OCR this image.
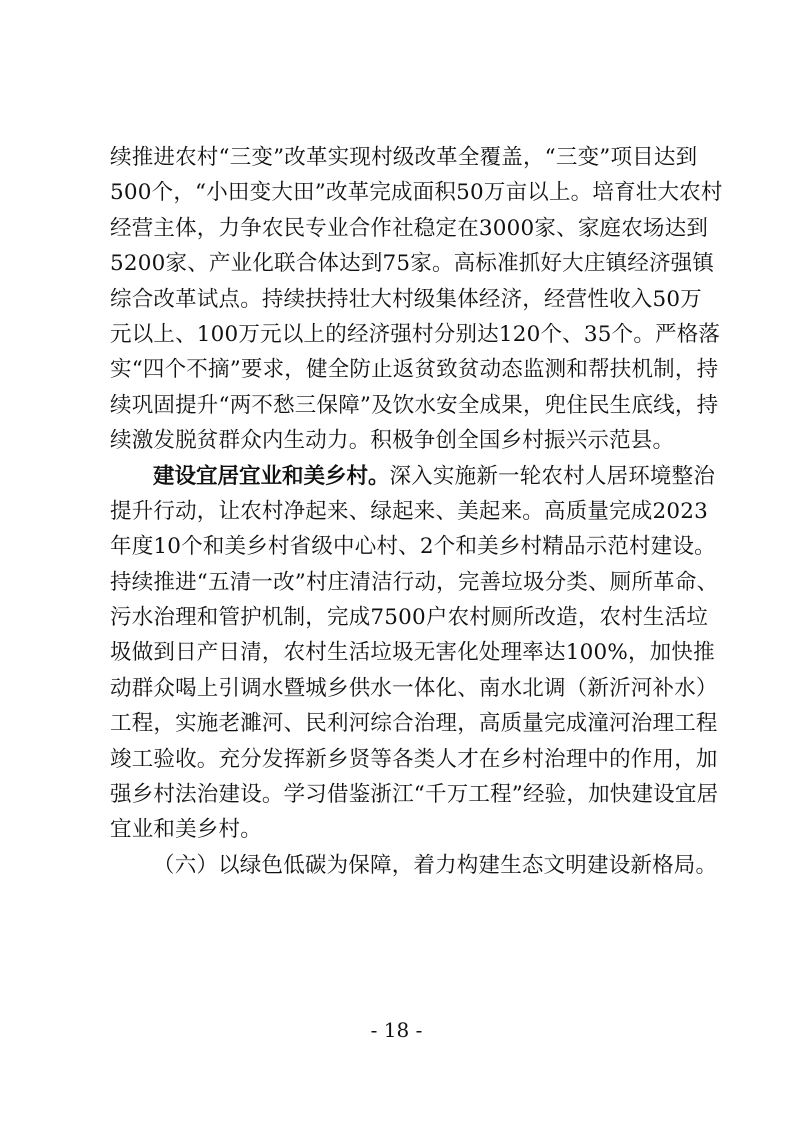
续推进农村“三变”改革实现村级改革全覆盖，“三变”项目达到
500个，“小田变大田”改革完成面积50万亩以上。培育壮大农村
经营主体，力争农民专业合作社稳定在3000家、家庭农场达到
5200家、产业化联合体达到75家。高标准抓好大庄镇经济强镇
综合改革试点。持续扶持壮大村级集体经济，经营性收入50万
元以上、100万元以上的经济强村分别达120个、35个。严格落
实“四个不摘”要求，健全防止返贫致贫动态监测和帮扶机制，持
续巩固提升“两不愁三保障”及饮水安全成果，兜住民生底线，持
续激发脱贫群众内生动力。积极争创全国乡村振兴示范县。
建设宜居宜业和美乡村。深入实施新一轮农村人居环境整治
提升行动，让农村净起来、绿起来、美起来。高质量完成2023
年度10个和美乡村省级中心村、2个和美乡村精品示范村建设。
持续推进“五清一改”村庄清洁行动，完善垃圾分类、厕所革命、
污水治理和管护机制，完成7500户农村厕所改造，农村生活垃
圾做到日产日清，农村生活垃圾无害化处理率达100%，加快推
动群众喝上引调水暨城乡供水一体化、南水北调（新沂河补水）
工程，实施老濉河、民利河综合治理，高质量完成潼河治理工程
竣工验收。充分发挥新乡贤等各类人才在乡村治理中的作用，加
强乡村法治建设。学习借鉴浙江“千万工程”经验，加快建设宜居
宜业和美乡村。
（六）以绿色低碳为保障，着力构建生态文明建设新格局。
- 18 -
